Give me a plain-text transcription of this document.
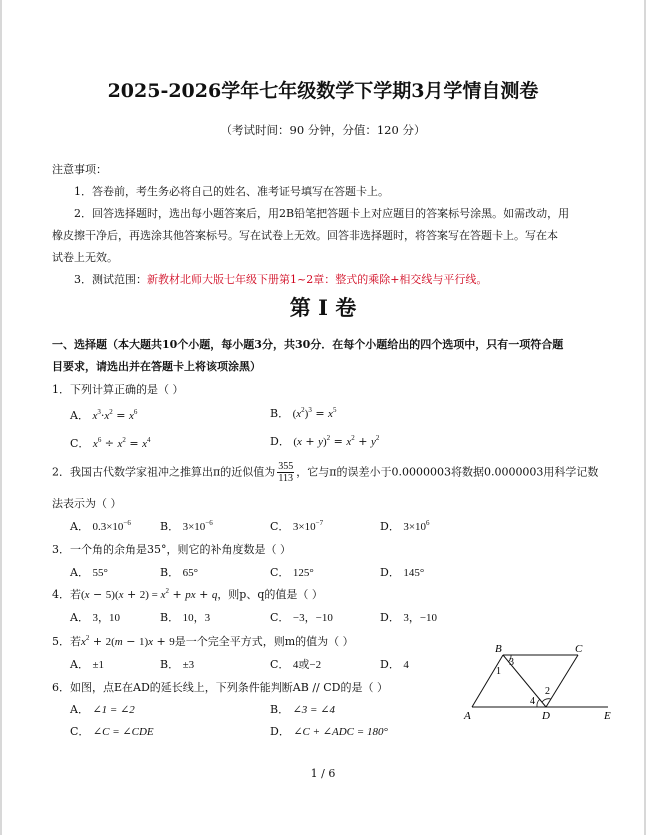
2025-2026学年七年级数学下学期3月学情自测卷
（考试时间：90 分钟，分值：120 分）
注意事项：
1．答卷前，考生务必将自己的姓名、准考证号填写在答题卡上。
2．回答选择题时，选出每小题答案后，用2B铅笔把答题卡上对应题目的答案标号涂黑。如需改动，用
橡皮擦干净后，再选涂其他答案标号。写在试卷上无效。回答非选择题时，将答案写在答题卡上。写在本
试卷上无效。
3．测试范围：新教材北师大版七年级下册第1~2章：整式的乘除+相交线与平行线。
第 I 卷
一、选择题（本大题共10个小题，每小题3分，共30分．在每个小题给出的四个选项中，只有一项符合题
目要求，请选出并在答题卡上将该项涂黑）
1．下列计算正确的是（ ）
A． $x^3\cdot x^2 = x^6$	B． $(x^2)^3 = x^5$
C． $x^6 \div x^2 = x^4$	D． $(x + y)^2 = x^2 + y^2$
2．我国古代数学家祖冲之推算出π的近似值为 $\frac{355}{113}$ ，它与π的误差小于0.0000003将数据0.0000003用科学记数
法表示为（ ）
A． $0.3\times 10^{-6}$	B． $3\times 10^{-6}$	C． $3\times 10^{-7}$	D． $3\times 10^6$
3．一个角的余角是35°，则它的补角度数是（ ）
A． 55°	B． 65°	C． 125°	D． 145°
4．若$(x - 5)(x + 2) = x^2$ + px + q，则p、q的值是（ ）
A． 3，10	B． 10，3	C． −3，−10	D． 3，−10
5．若$x^2 + 2(m - 1)x + 9$是一个完全平方式，则m的值为（ ）
A． ±1	B． ±3	C． 4或−2	D． 4
6．如图，点E在AD的延长线上，下列条件能判断AB // CD的是（ ）
A． ∠1 = ∠2	B． ∠3 = ∠4
C． ∠C = ∠CDE	D． ∠C + ∠ADC = 180°
B	C
A	D	E
1
3
2
4
1 / 6
